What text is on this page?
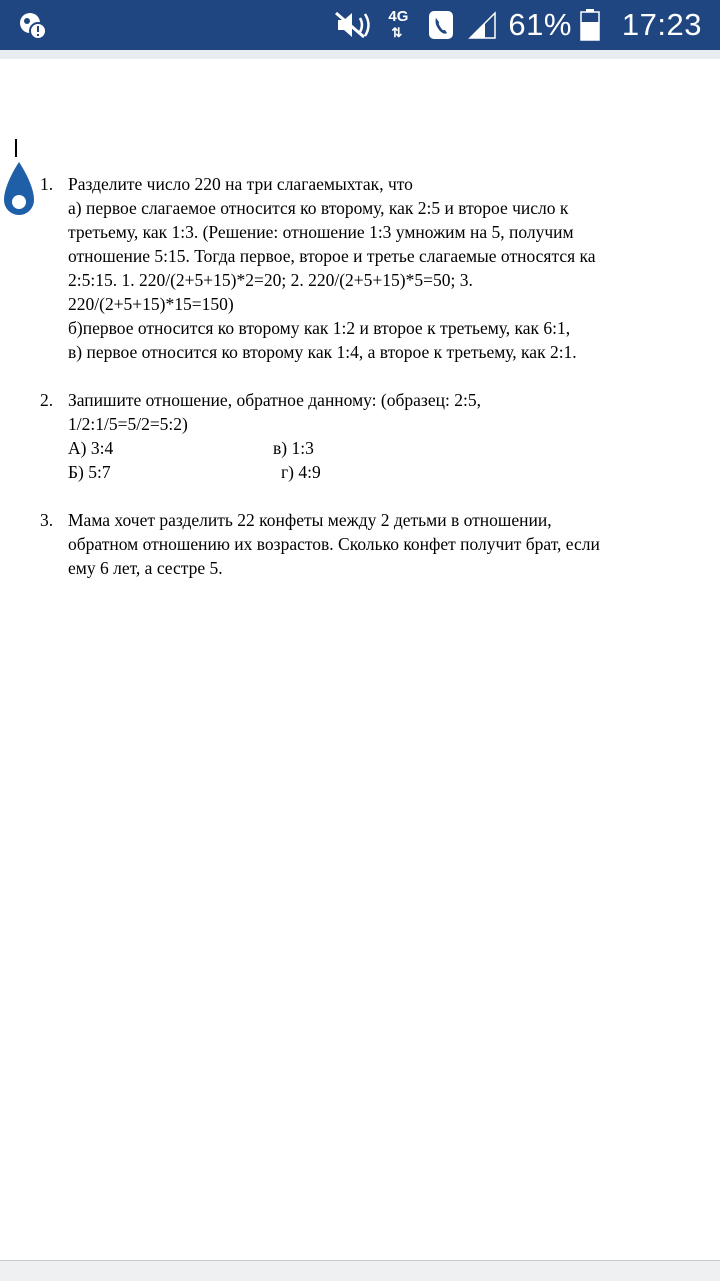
4G
⇅	61% 17:23
1. Разделите число 220 на три слагаемыхтак, что
а) первое слагаемое относится ко второму, как 2:5 и второе число к
третьему, как 1:3. (Решение: отношение 1:3 умножим на 5, получим
отношение 5:15. Тогда первое, второе и третье слагаемые относятся ка
2:5:15. 1. 220/(2+5+15)*2=20; 2. 220/(2+5+15)*5=50; 3.
220/(2+5+15)*15=150)
б)первое относится ко второму как 1:2 и второе к третьему, как 6:1,
в) первое относится ко второму как 1:4, а второе к третьему, как 2:1.
2. Запишите отношение, обратное данному: (образец: 2:5,
1/2:1/5=5/2=5:2)
А) 3:4	в) 1:3
Б) 5:7	г) 4:9
3. Мама хочет разделить 22 конфеты между 2 детьми в отношении,
обратном отношению их возрастов. Сколько конфет получит брат, если
ему 6 лет, а сестре 5.
